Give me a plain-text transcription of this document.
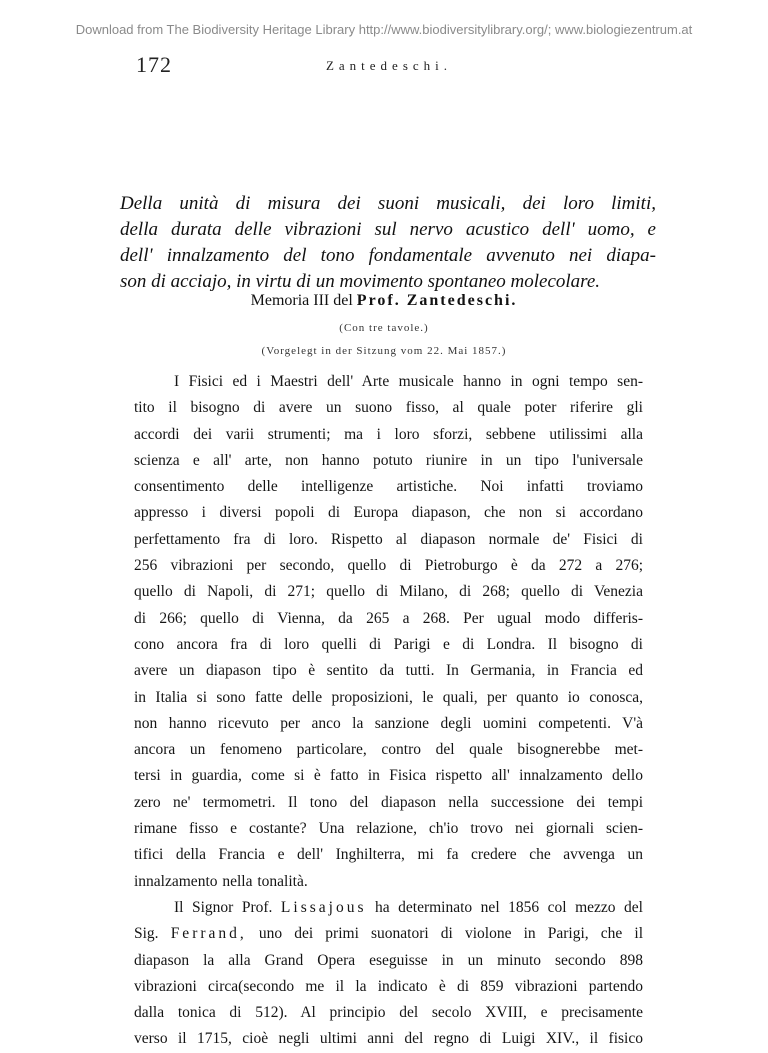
Download from The Biodiversity Heritage Library http://www.biodiversitylibrary.org/; www.biologiezentrum.at
172	Zantedeschi.
Della unità di misura dei suoni musicali, dei loro limiti,
della durata delle vibrazioni sul nervo acustico dell' uomo, e
dell' innalzamento del tono fondamentale avvenuto nei diapa-
son di acciajo, in virtu di un movimento spontaneo molecolare.
Memoria III del Prof. Zantedeschi.
(Con tre tavole.)
(Vorgelegt in der Sitzung vom 22. Mai 1857.)
I Fisici ed i Maestri dell' Arte musicale hanno in ogni tempo sen-
tito il bisogno di avere un suono fisso, al quale poter riferire gli
accordi dei varii strumenti; ma i loro sforzi, sebbene utilissimi alla
scienza e all' arte, non hanno potuto riunire in un tipo l'universale
consentimento delle intelligenze artistiche. Noi infatti troviamo
appresso i diversi popoli di Europa diapason, che non si accordano
perfettamento fra di loro. Rispetto al diapason normale de' Fisici di
256 vibrazioni per secondo, quello di Pietroburgo è da 272 a 276;
quello di Napoli, di 271; quello di Milano, di 268; quello di Venezia
di 266; quello di Vienna, da 265 a 268. Per ugual modo differis-
cono ancora fra di loro quelli di Parigi e di Londra. Il bisogno di
avere un diapason tipo è sentito da tutti. In Germania, in Francia ed
in Italia si sono fatte delle proposizioni, le quali, per quanto io conosca,
non hanno ricevuto per anco la sanzione degli uomini competenti. V'à
ancora un fenomeno particolare, contro del quale bisognerebbe met-
tersi in guardia, come si è fatto in Fisica rispetto all' innalzamento dello
zero ne' termometri. Il tono del diapason nella successione dei tempi
rimane fisso e costante? Una relazione, ch'io trovo nei giornali scien-
tifici della Francia e dell' Inghilterra, mi fa credere che avvenga un
innalzamento nella tonalità.
Il Signor Prof. Lissajous ha determinato nel 1856 col mezzo del
Sig. Ferrand, uno dei primi suonatori di violone in Parigi, che il
diapason la alla Grand Opera eseguisse in un minuto secondo 898
vibrazioni circa(secondo me il la indicato è di 859 vibrazioni partendo
dalla tonica di 512). Al principio del secolo XVIII, e precisamente
verso il 1715, cioè negli ultimi anni del regno di Luigi XIV., il fisico
